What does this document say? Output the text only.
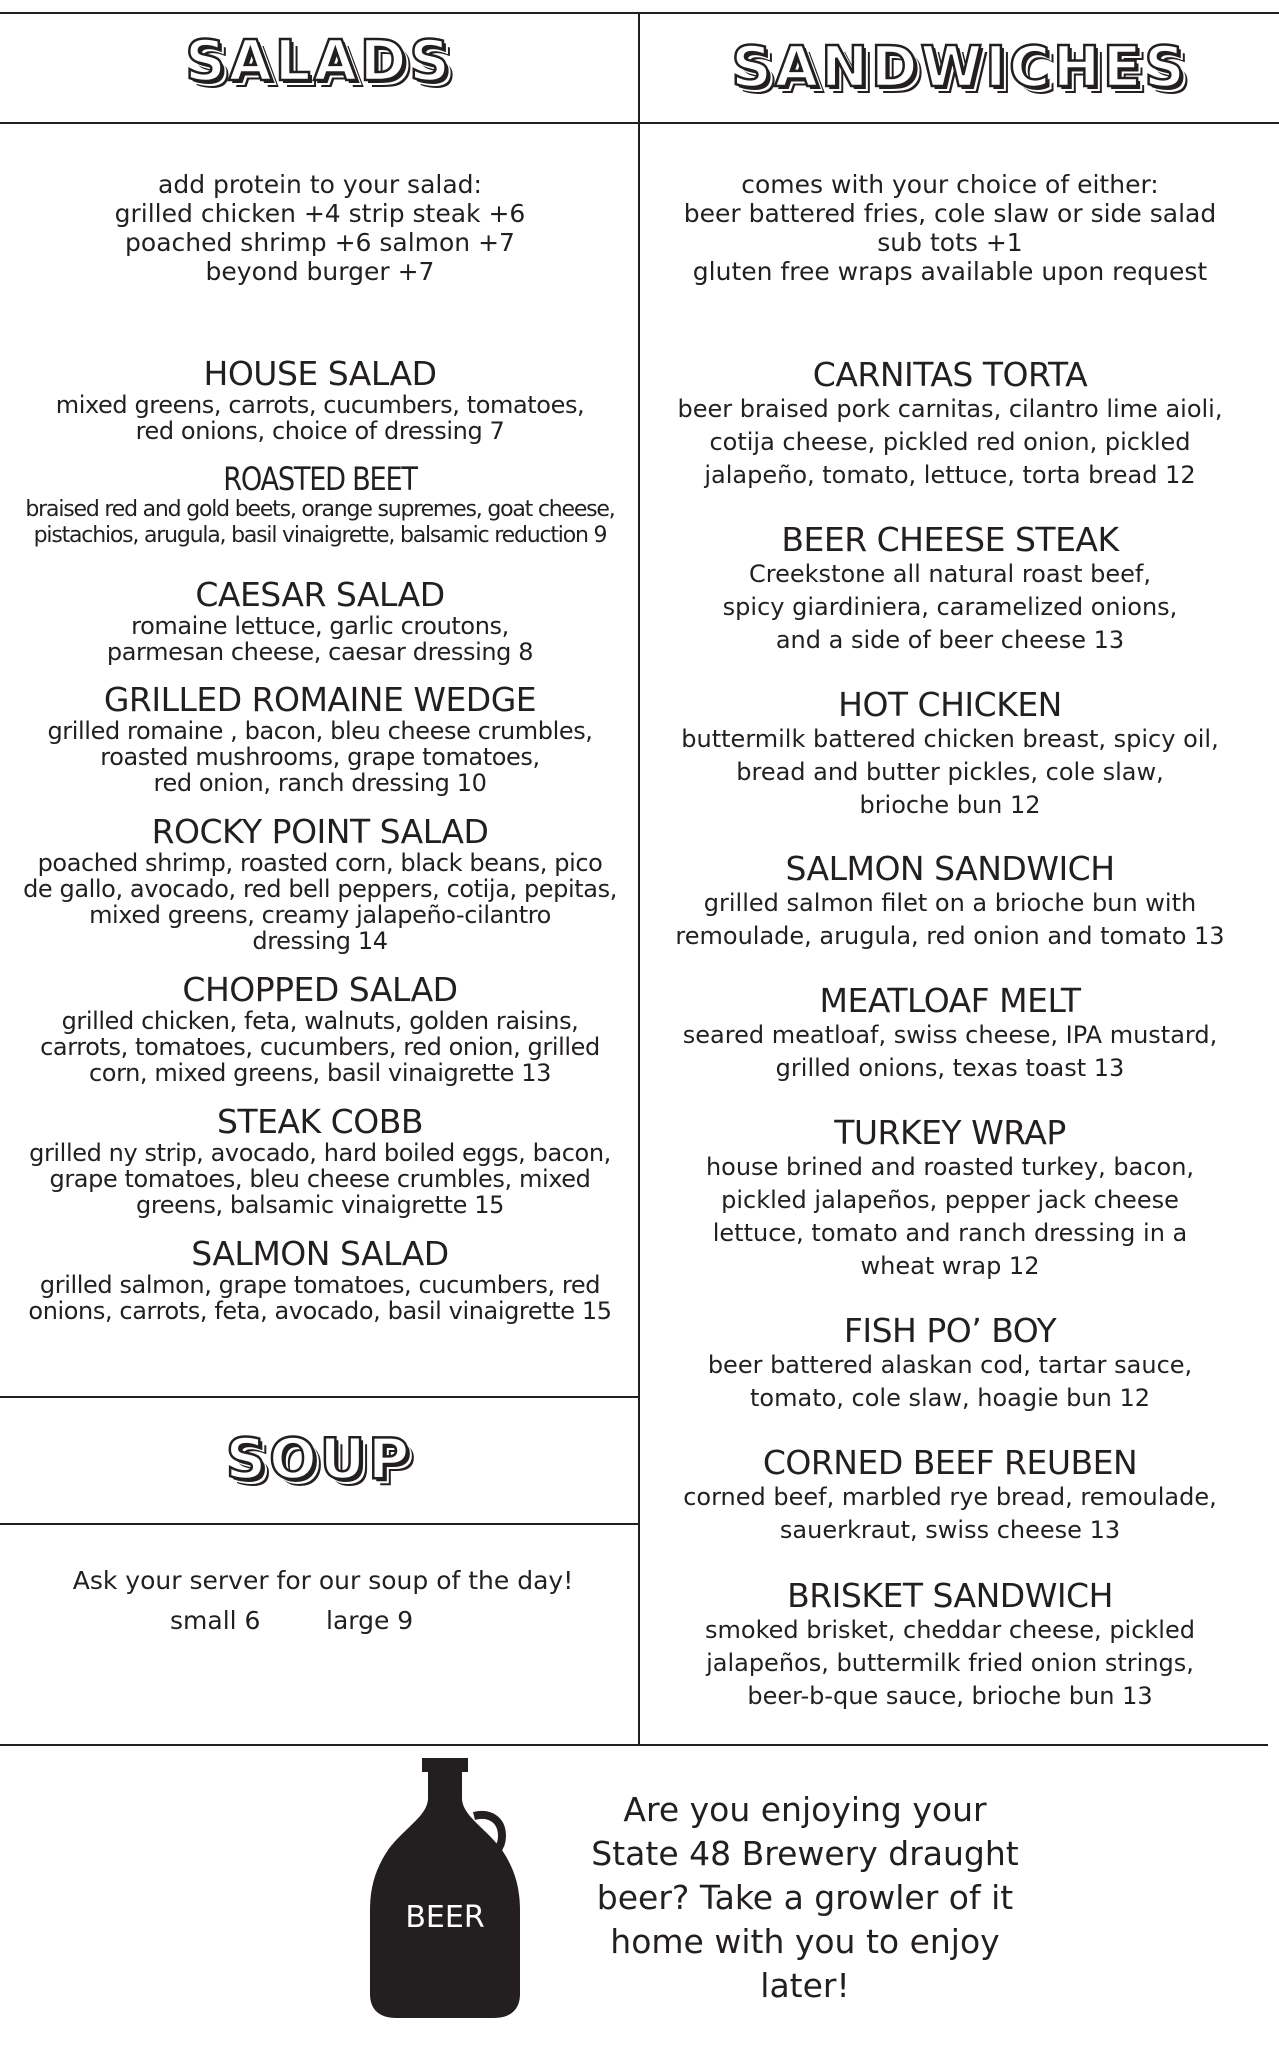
SALADS	SANDWICHES
SOUP
add protein to your salad:
grilled chicken +4 strip steak +6
poached shrimp +6 salmon +7
beyond burger +7
comes with your choice of either:
beer battered fries, cole slaw or side salad
sub tots +1
gluten free wraps available upon request
HOUSE SALAD
mixed greens, carrots, cucumbers, tomatoes,
red onions, choice of dressing 7
ROASTED BEET
braised red and gold beets, orange supremes, goat cheese,
pistachios, arugula, basil vinaigrette, balsamic reduction 9
CAESAR SALAD
romaine lettuce, garlic croutons,
parmesan cheese, caesar dressing 8
GRILLED ROMAINE WEDGE
grilled romaine , bacon, bleu cheese crumbles,
roasted mushrooms, grape tomatoes,
red onion, ranch dressing 10
ROCKY POINT SALAD
poached shrimp, roasted corn, black beans, pico
de gallo, avocado, red bell peppers, cotija, pepitas,
mixed greens, creamy jalapeño-cilantro
dressing 14
CHOPPED SALAD
grilled chicken, feta, walnuts, golden raisins,
carrots, tomatoes, cucumbers, red onion, grilled
corn, mixed greens, basil vinaigrette 13
STEAK COBB
grilled ny strip, avocado, hard boiled eggs, bacon,
grape tomatoes, bleu cheese crumbles, mixed
greens, balsamic vinaigrette 15
SALMON SALAD
grilled salmon, grape tomatoes, cucumbers, red
onions, carrots, feta, avocado, basil vinaigrette 15
CARNITAS TORTA
beer braised pork carnitas, cilantro lime aioli,
cotija cheese, pickled red onion, pickled
jalapeño, tomato, lettuce, torta bread 12
BEER CHEESE STEAK
Creekstone all natural roast beef,
spicy giardiniera, caramelized onions,
and a side of beer cheese 13
HOT CHICKEN
buttermilk battered chicken breast, spicy oil,
bread and butter pickles, cole slaw,
brioche bun 12
SALMON SANDWICH
grilled salmon filet on a brioche bun with
remoulade, arugula, red onion and tomato 13
MEATLOAF MELT
seared meatloaf, swiss cheese, IPA mustard,
grilled onions, texas toast 13
TURKEY WRAP
house brined and roasted turkey, bacon,
pickled jalapeños, pepper jack cheese
lettuce, tomato and ranch dressing in a
wheat wrap 12
FISH PO’ BOY
beer battered alaskan cod, tartar sauce,
tomato, cole slaw, hoagie bun 12
CORNED BEEF REUBEN
corned beef, marbled rye bread, remoulade,
sauerkraut, swiss cheese 13
BRISKET SANDWICH
smoked brisket, cheddar cheese, pickled
jalapeños, buttermilk fried onion strings,
beer-b-que sauce, brioche bun 13
Ask your server for our soup of the day!
small 6	large 9
BEER
Are you enjoying your
State 48 Brewery draught
beer? Take a growler of it
home with you to enjoy
later!
